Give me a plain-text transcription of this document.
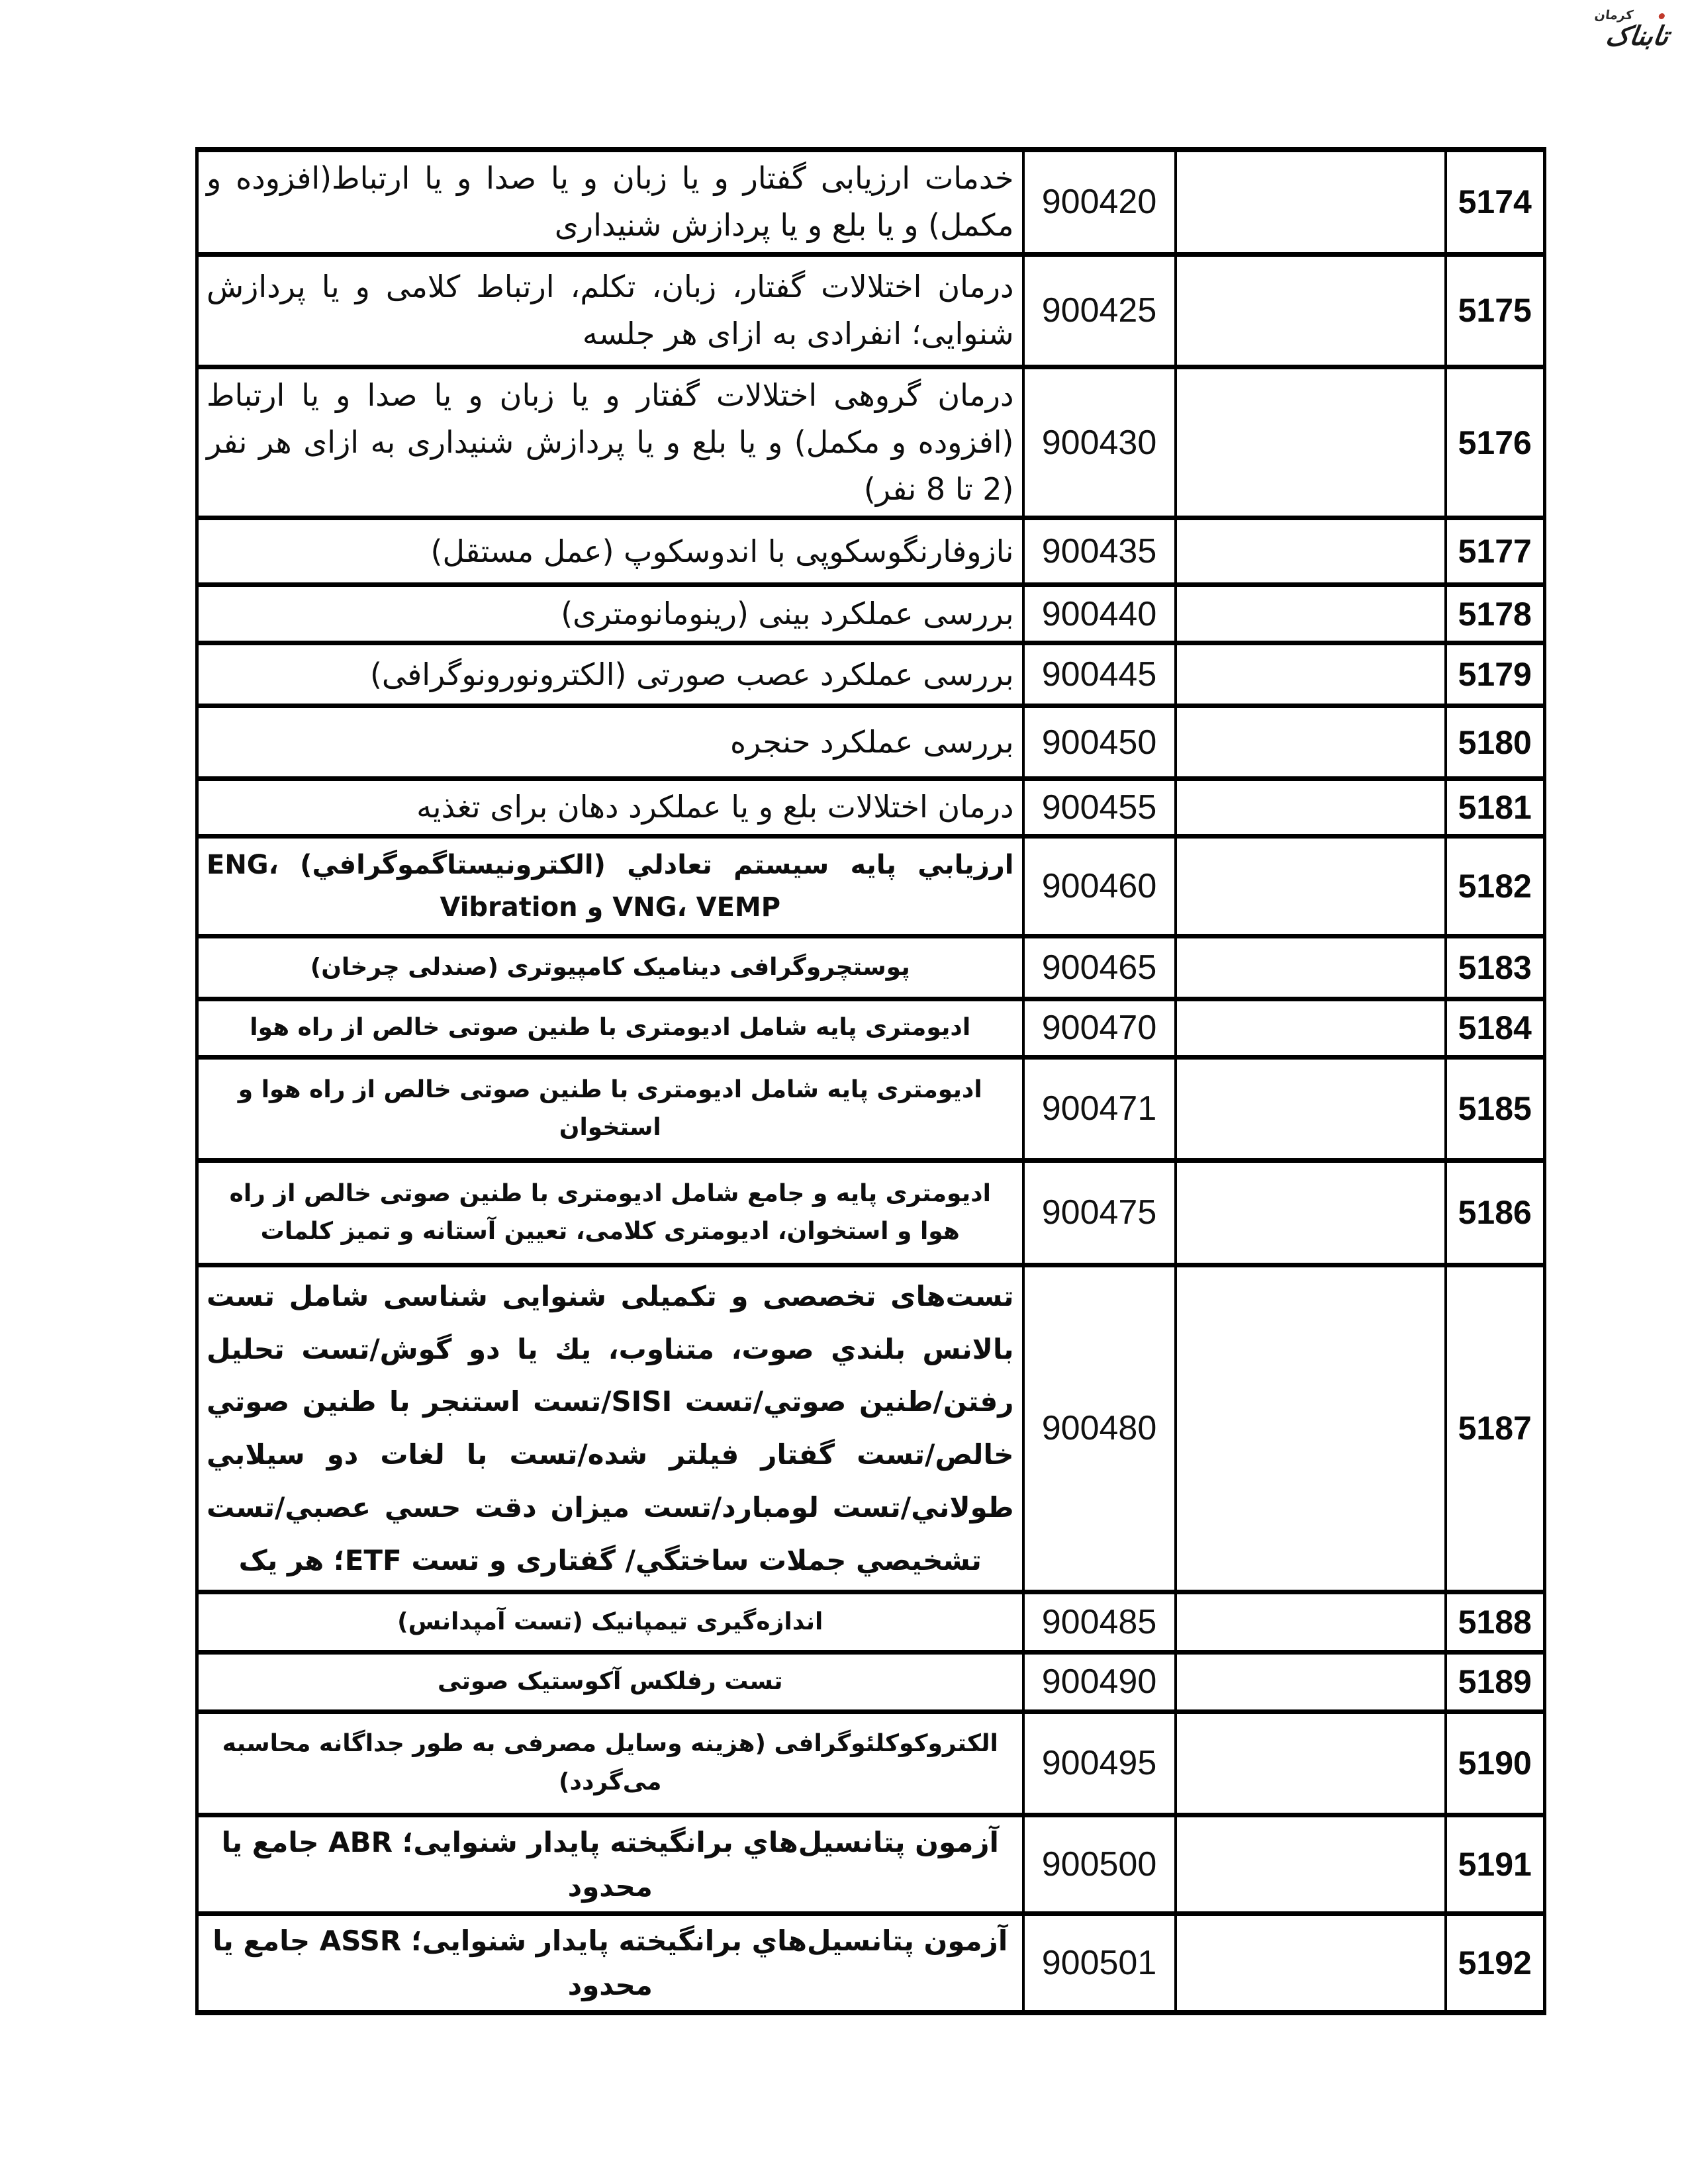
کرمان
تابناک
خدمات ارزیابی گفتار و یا زبان و یا صدا و یا ارتباط(افزوده و مکمل) و یا بلع و یا پردازش شنیداری	900420		5174
درمان اختلالات گفتار، زبان، تکلم، ارتباط کلامی و یا پردازش شنوایی؛ انفرادی به ازای هر جلسه	900425		5175
درمان گروهی اختلالات گفتار و یا زبان و یا صدا و یا ارتباط (افزوده و مکمل) و یا بلع و یا پردازش شنیداری به ازای هر نفر (2 تا 8 نفر)	900430		5176
نازوفارنگوسکوپی با اندوسکوپ (عمل مستقل)	900435		5177
بررسی عملکرد بینی (رینومانومتری)	900440		5178
بررسی عملکرد عصب صورتی (الکترونورونوگرافی)	900445		5179
بررسی عملکرد حنجره	900450		5180
درمان اختلالات بلع و یا عملکرد دهان برای تغذیه	900455		5181
ارزيابي پايه سيستم تعادلي (الكترونيستاگموگرافي) ENG، VNG، VEMP و Vibration	900460		5182
پوستچروگرافی دینامیک کامپیوتری (صندلی چرخان)	900465		5183
ادیومتری پایه شامل ادیومتری با طنین صوتی خالص از راه هوا	900470		5184
ادیومتری پایه شامل ادیومتری با طنین صوتی خالص از راه هوا و استخوان	900471		5185
ادیومتری پایه و جامع شامل ادیومتری با طنین صوتی خالص از راه هوا و استخوان، ادیومتری کلامی، تعیین آستانه و تمیز کلمات	900475		5186
تست‌های تخصصی و تکمیلی شنوایی شناسی شامل تست بالانس بلندي صوت، متناوب، يك یا دو گوش/تست تحلیل رفتن/طنین صوتي/تست SISI/تست استنجر با طنین صوتي خالص/تست گفتار فیلتر شده/تست با لغات دو سیلابي طولاني/تست لومبارد/تست میزان دقت حسي عصبي/تست تشخیصي جملات ساختگي/ گفتاری و تست ETF؛ هر یک	900480		5187
اندازه‌گیری تیمپانیک (تست آمپدانس)	900485		5188
تست رفلکس آکوستیک صوتی	900490		5189
الکتروکوکلئوگرافی (هزینه وسایل مصرفی به طور جداگانه محاسبه می‌گردد)	900495		5190
آزمون پتانسیل‌هاي برانگیخته پایدار شنوایی؛ ABR جامع یا محدود	900500		5191
آزمون پتانسیل‌هاي برانگیخته پایدار شنوایی؛ ASSR جامع یا محدود	900501		5192
